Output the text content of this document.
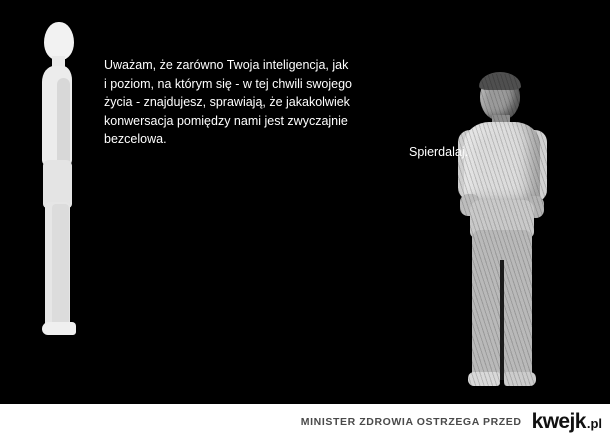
Uważam, że zarówno Twoja inteligencja, jak i poziom, na którym się - w tej chwili swojego życia - znajdujesz, sprawiają, że jakakolwiek konwersacja pomiędzy nami jest zwyczajnie bezcelowa.
Spierdalaj.
MINISTER ZDROWIA OSTRZEGA PRZED kwejk .pl
